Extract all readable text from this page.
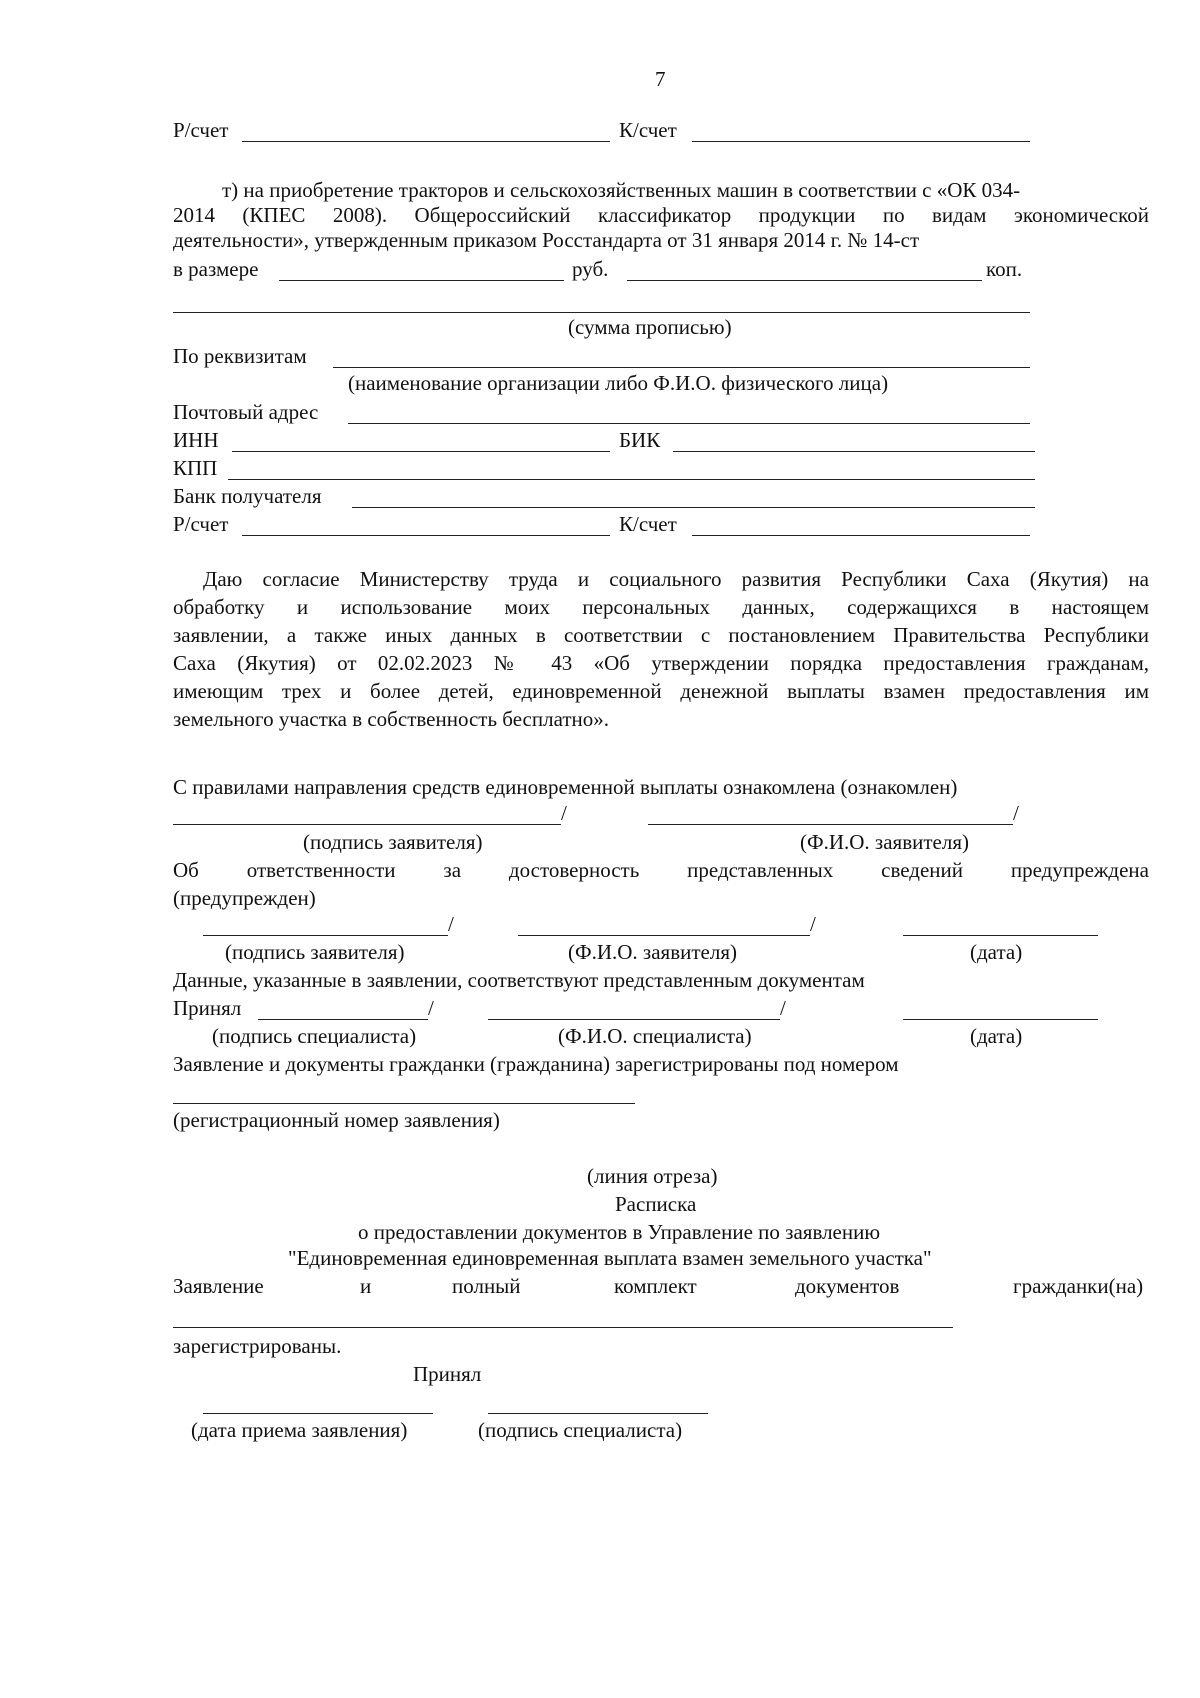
7
Р/счет	К/счет
т) на приобретение тракторов и сельскохозяйственных машин в соответствии с «ОК 034-
2014 (КПЕС 2008). Общероссийский классификатор продукции по видам экономической
деятельности», утвержденным приказом Росстандарта от 31 января 2014 г. № 14-ст
в размере	руб.	коп.
(сумма прописью)
По реквизитам
(наименование организации либо Ф.И.О. физического лица)
Почтовый адрес
ИНН	БИК
КПП
Банк получателя
Р/счет	К/счет
Даю согласие Министерству труда и социального развития Республики Саха (Якутия) на
обработку и использование моих персональных данных, содержащихся в настоящем
заявлении, а также иных данных в соответствии с постановлением Правительства Республики
Саха (Якутия) от 02.02.2023 № 43 «Об утверждении порядка предоставления гражданам,
имеющим трех и более детей, единовременной денежной выплаты взамен предоставления им
земельного участка в собственность бесплатно».
С правилами направления средств единовременной выплаты ознакомлена (ознакомлен)
/	/
(подпись заявителя)	(Ф.И.О. заявителя)
Об ответственности за достоверность представленных сведений предупреждена
(предупрежден)
/	/
(подпись заявителя)	(Ф.И.О. заявителя)	(дата)
Данные, указанные в заявлении, соответствуют представленным документам
Принял	/	/
(подпись специалиста)	(Ф.И.О. специалиста)	(дата)
Заявление и документы гражданки (гражданина) зарегистрированы под номером
(регистрационный номер заявления)
(линия отреза)
Расписка
о предоставлении документов в Управление по заявлению
"Единовременная единовременная выплата взамен земельного участка"
Заявление	и	полный	комплект	документов	гражданки(на)
зарегистрированы.
Принял
(дата приема заявления)	(подпись специалиста)
